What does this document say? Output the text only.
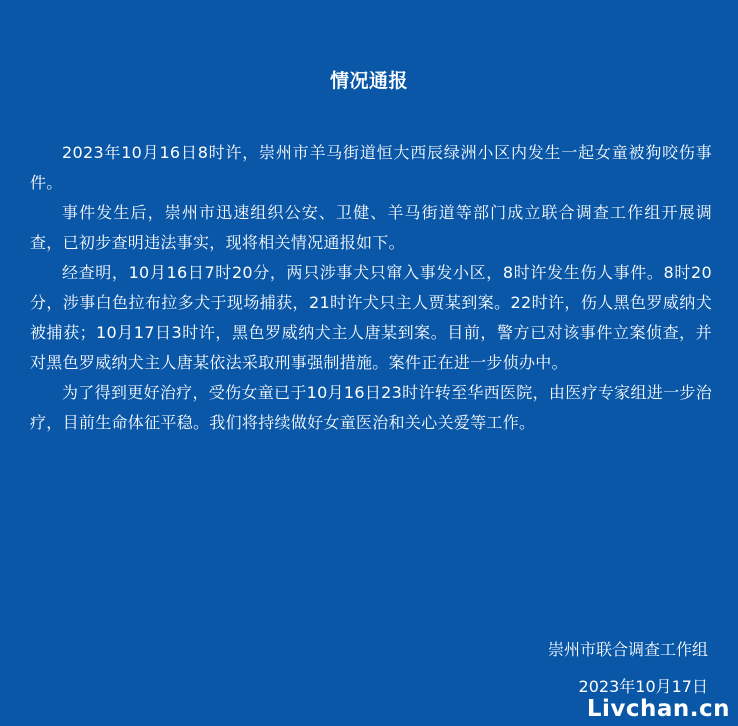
情况通报

2023年10月16日8时许，崇州市羊马街道恒大西辰绿洲小区内发生一起女童被狗咬伤事件。

事件发生后，崇州市迅速组织公安、卫健、羊马街道等部门成立联合调查工作组开展调查，已初步查明违法事实，现将相关情况通报如下。

经查明，10月16日7时20分，两只涉事犬只窜入事发小区，8时许发生伤人事件。8时20分，涉事白色拉布拉多犬于现场捕获，21时许犬只主人贾某到案。22时许，伤人黑色罗威纳犬被捕获；10月17日3时许，黑色罗威纳犬主人唐某到案。目前，警方已对该事件立案侦查，并对黑色罗威纳犬主人唐某依法采取刑事强制措施。案件正在进一步侦办中。

为了得到更好治疗，受伤女童已于10月16日23时许转至华西医院，由医疗专家组进一步治疗，目前生命体征平稳。我们将持续做好女童医治和关心关爱等工作。

崇州市联合调查工作组
2023年10月17日
Livchan.cn
